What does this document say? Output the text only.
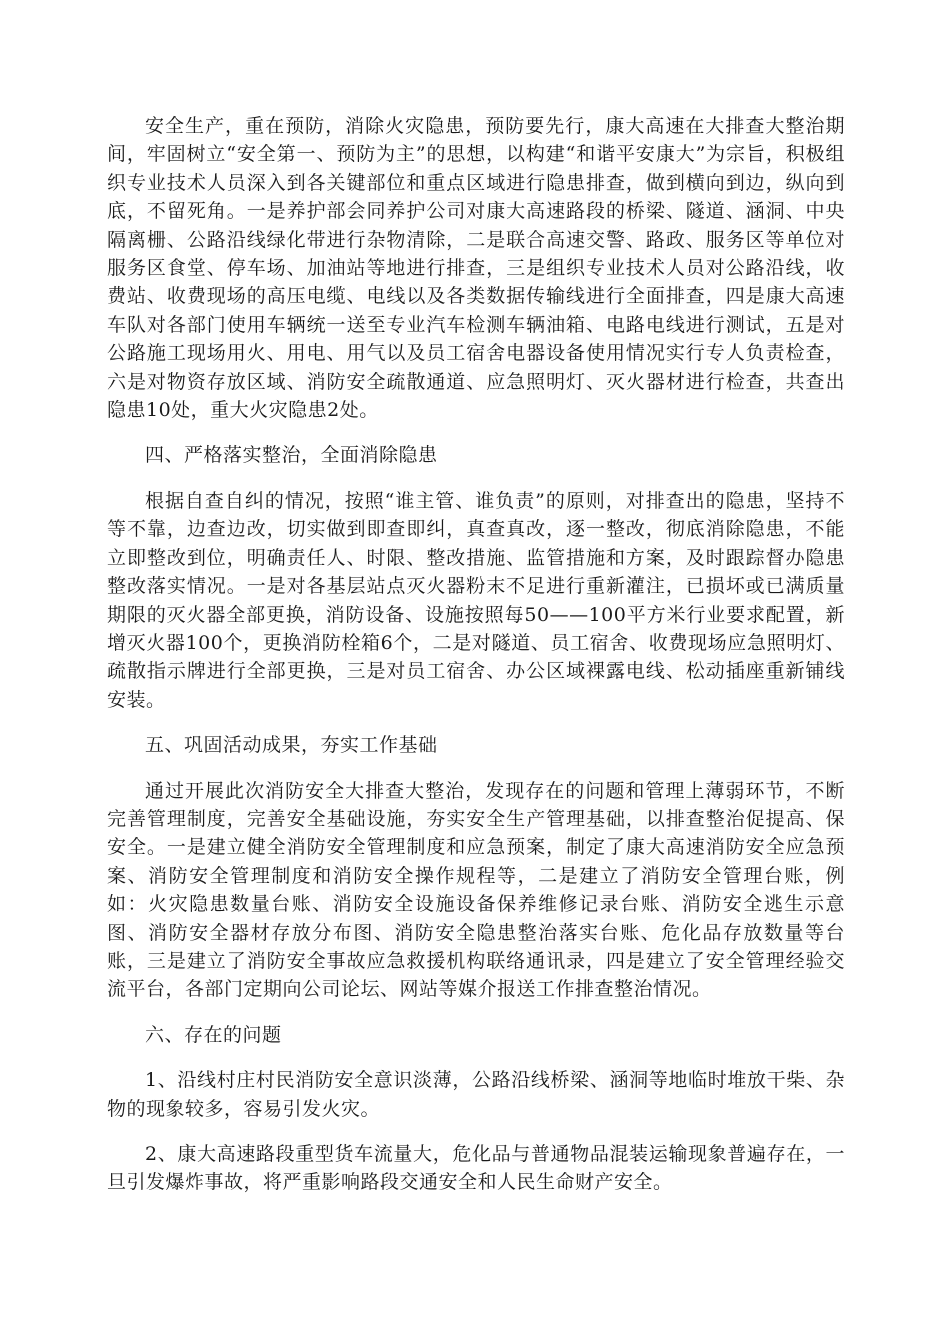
安全生产，重在预防，消除火灾隐患，预防要先行，康大高速在大排查大整治期间，牢固树立“安全第一、预防为主”的思想，以构建“和谐平安康大”为宗旨，积极组织专业技术人员深入到各关键部位和重点区域进行隐患排查，做到横向到边，纵向到底，不留死角。一是养护部会同养护公司对康大高速路段的桥梁、隧道、涵洞、中央隔离栅、公路沿线绿化带进行杂物清除，二是联合高速交警、路政、服务区等单位对服务区食堂、停车场、加油站等地进行排查，三是组织专业技术人员对公路沿线，收费站、收费现场的高压电缆、电线以及各类数据传输线进行全面排查，四是康大高速车队对各部门使用车辆统一送至专业汽车检测车辆油箱、电路电线进行测试，五是对公路施工现场用火、用电、用气以及员工宿舍电器设备使用情况实行专人负责检查，六是对物资存放区域、消防安全疏散通道、应急照明灯、灭火器材进行检查，共查出隐患10处，重大火灾隐患2处。

四、严格落实整治，全面消除隐患

根据自查自纠的情况，按照“谁主管、谁负责”的原则，对排查出的隐患，坚持不等不靠，边查边改，切实做到即查即纠，真查真改，逐一整改，彻底消除隐患，不能立即整改到位，明确责任人、时限、整改措施、监管措施和方案，及时跟踪督办隐患整改落实情况。一是对各基层站点灭火器粉末不足进行重新灌注，已损坏或已满质量期限的灭火器全部更换，消防设备、设施按照每50——100平方米行业要求配置，新增灭火器100个，更换消防栓箱6个，二是对隧道、员工宿舍、收费现场应急照明灯、疏散指示牌进行全部更换，三是对员工宿舍、办公区域裸露电线、松动插座重新铺线安装。

五、巩固活动成果，夯实工作基础

通过开展此次消防安全大排查大整治，发现存在的问题和管理上薄弱环节，不断完善管理制度，完善安全基础设施，夯实安全生产管理基础，以排查整治促提高、保安全。一是建立健全消防安全管理制度和应急预案，制定了康大高速消防安全应急预案、消防安全管理制度和消防安全操作规程等，二是建立了消防安全管理台账，例如：火灾隐患数量台账、消防安全设施设备保养维修记录台账、消防安全逃生示意图、消防安全器材存放分布图、消防安全隐患整治落实台账、危化品存放数量等台账，三是建立了消防安全事故应急救援机构联络通讯录，四是建立了安全管理经验交流平台，各部门定期向公司论坛、网站等媒介报送工作排查整治情况。

六、存在的问题

1、沿线村庄村民消防安全意识淡薄，公路沿线桥梁、涵洞等地临时堆放干柴、杂物的现象较多，容易引发火灾。

2、康大高速路段重型货车流量大，危化品与普通物品混装运输现象普遍存在，一旦引发爆炸事故，将严重影响路段交通安全和人民生命财产安全。
